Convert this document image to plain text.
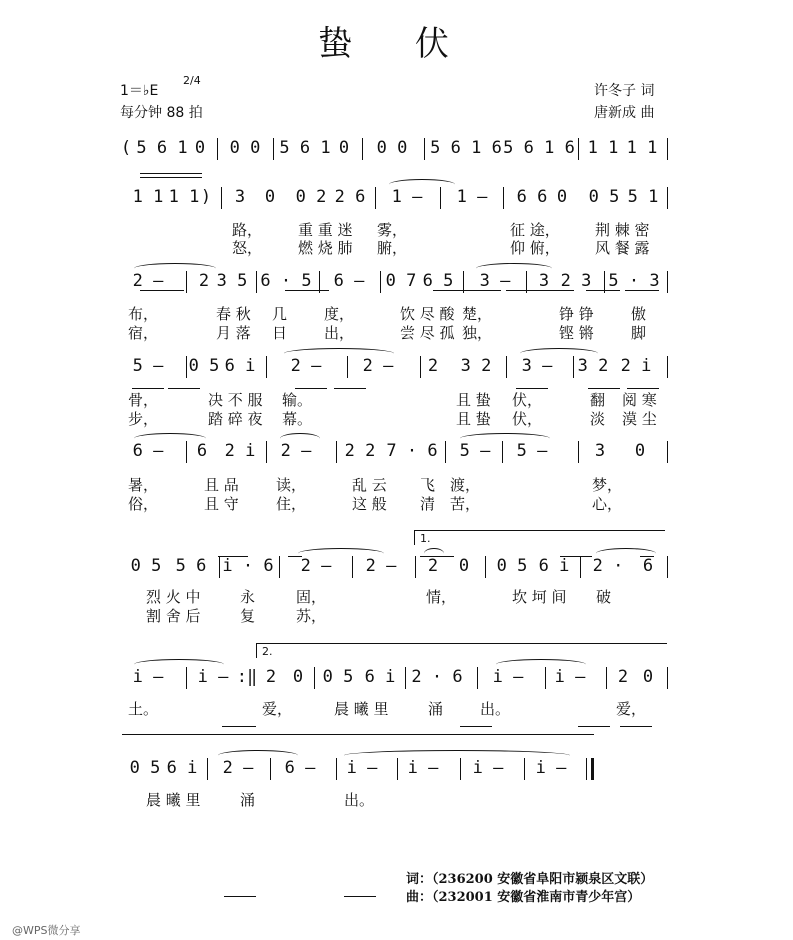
蛰 伏
1＝♭E
2/4
每分钟 88 拍
许冬子 词
唐新成 曲
( 5 6 1 0 0 0 5 6 1 0 0 0 5 6 1 6 5 6 1 6 1 1 1 1
1 1 1 1 ) 3 0 0 2 2 6 1 – 1 – 6 6 0 0 5 5 1
路， 重 重 迷 雾，	征 途， 荆 棘 密
怒， 燃 烧 肺 腑，	仰 俯， 风 餐 露
2 – 2 3 5 6 · 5 6 – 0 7 6 5 3 – 3 2 3 5 · 3
布，	春 秋 几 度，	饮 尽 酸 楚，	铮 铮 傲
宿，	月 落 日 出，	尝 尽 孤 独，	铿 锵 脚
5 – 0 5 6 i 2 – 2 – 2 3 2 3 – 3 2 2 i
骨，	决 不 服 输。	且 蛰 伏，	翻 阅 寒
步，	踏 碎 夜 幕。	且 蛰 伏，	淡 漠 尘
6 – 6 2 i 2 – 2 2 7 · 6 5 – 5 –	3 0
暑，	且 品 读，	乱 云 飞 渡，	梦，
俗，	且 守 住，	这 般 清 苦，	心，
1.
0 5 5 6 i · 6 2 – 2 – 2 0 0 5 6 i 2 · 6
烈 火 中	永	固，	情，	坎 坷 间 破
割 舍 后	复	苏，
2.
i – i – :‖ 2 0 0 5 6 i 2 · 6 i – i – 2 0
土。	爱，	晨 曦 里	涌 出。	爱，
0 5 6 i 2 – 6 – i – i – i – i –
晨 曦 里	涌	出。
词：（236200 安徽省阜阳市颍泉区文联）
曲：（232001 安徽省淮南市青少年宫）
@WPS微分享
